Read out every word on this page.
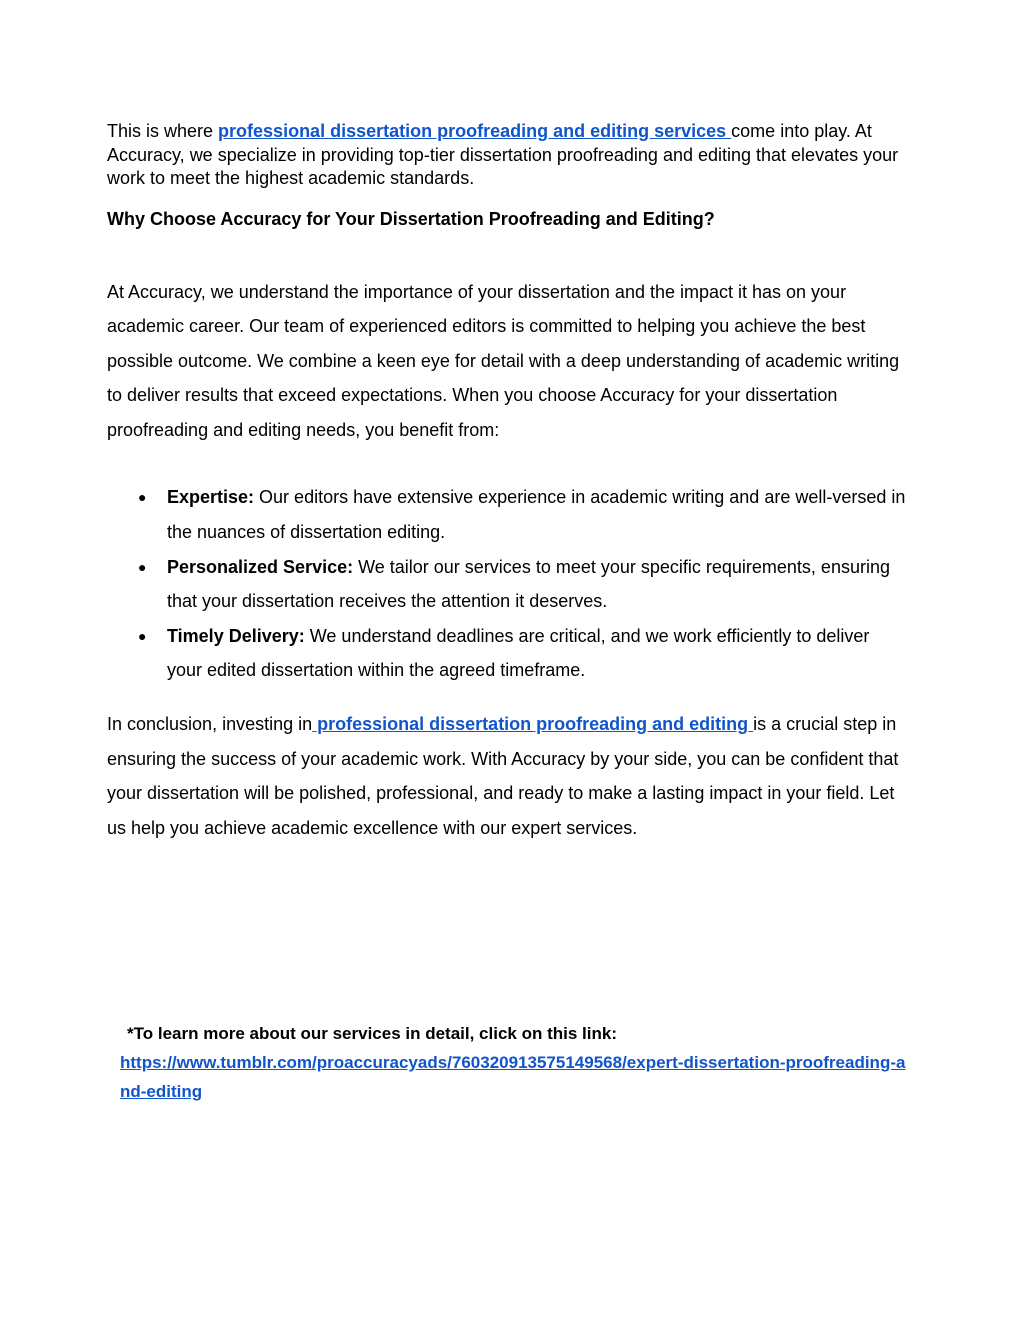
This is where professional dissertation proofreading and editing services come into play. At Accuracy, we specialize in providing top-tier dissertation proofreading and editing that elevates your work to meet the highest academic standards.

Why Choose Accuracy for Your Dissertation Proofreading and Editing?

At Accuracy, we understand the importance of your dissertation and the impact it has on your academic career. Our team of experienced editors is committed to helping you achieve the best possible outcome. We combine a keen eye for detail with a deep understanding of academic writing to deliver results that exceed expectations. When you choose Accuracy for your dissertation proofreading and editing needs, you benefit from:

● Expertise: Our editors have extensive experience in academic writing and are well-versed in the nuances of dissertation editing.
● Personalized Service: We tailor our services to meet your specific requirements, ensuring that your dissertation receives the attention it deserves.
● Timely Delivery: We understand deadlines are critical, and we work efficiently to deliver your edited dissertation within the agreed timeframe.

In conclusion, investing in professional dissertation proofreading and editing is a crucial step in ensuring the success of your academic work. With Accuracy by your side, you can be confident that your dissertation will be polished, professional, and ready to make a lasting impact in your field. Let us help you achieve academic excellence with our expert services.

*To learn more about our services in detail, click on this link:
https://www.tumblr.com/proaccuracyads/760320913575149568/expert-dissertation-proofreading-and-editing
